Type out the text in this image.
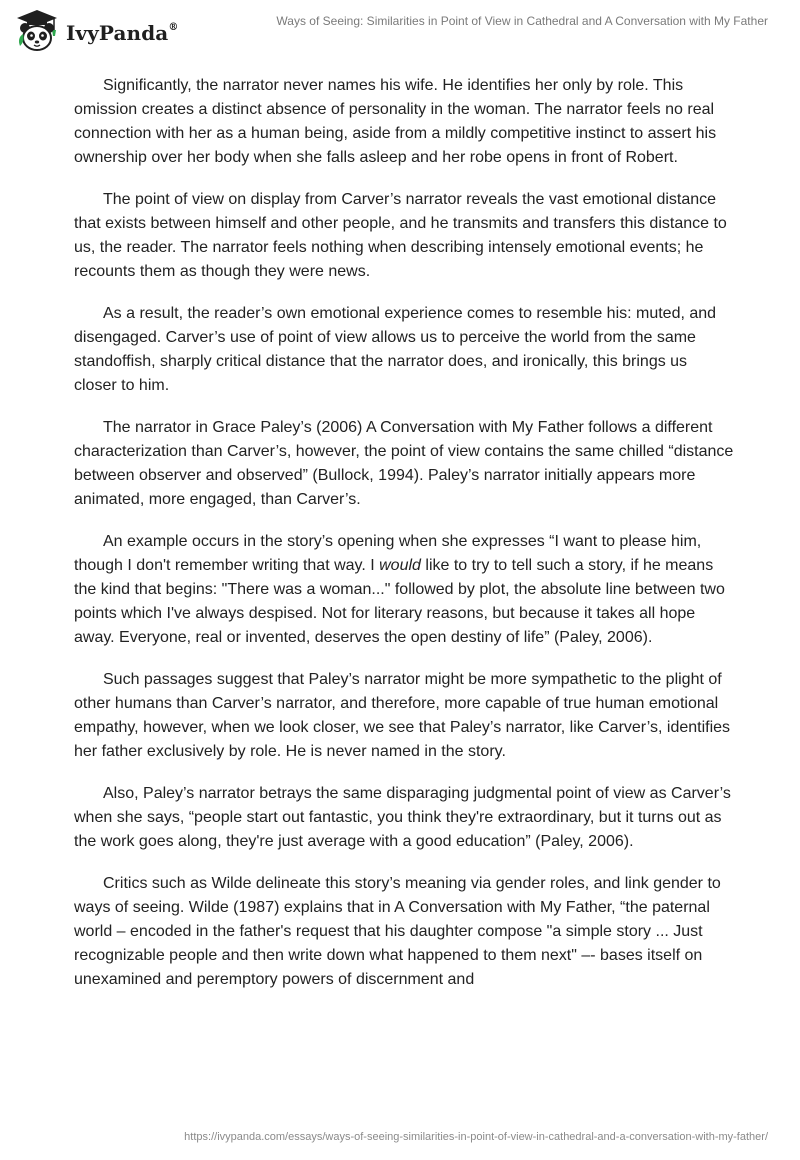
IvyPanda®	Ways of Seeing: Similarities in Point of View in Cathedral and A Conversation with My Father

Significantly, the narrator never names his wife. He identifies her only by role. This omission creates a distinct absence of personality in the woman. The narrator feels no real connection with her as a human being, aside from a mildly competitive instinct to assert his ownership over her body when she falls asleep and her robe opens in front of Robert.

The point of view on display from Carver’s narrator reveals the vast emotional distance that exists between himself and other people, and he transmits and transfers this distance to us, the reader. The narrator feels nothing when describing intensely emotional events; he recounts them as though they were news.

As a result, the reader’s own emotional experience comes to resemble his: muted, and disengaged. Carver’s use of point of view allows us to perceive the world from the same standoffish, sharply critical distance that the narrator does, and ironically, this brings us closer to him.

The narrator in Grace Paley’s (2006) A Conversation with My Father follows a different characterization than Carver’s, however, the point of view contains the same chilled “distance between observer and observed” (Bullock, 1994). Paley’s narrator initially appears more animated, more engaged, than Carver’s.

An example occurs in the story’s opening when she expresses “I want to please him, though I don't remember writing that way. I would like to try to tell such a story, if he means the kind that begins: "There was a woman..." followed by plot, the absolute line between two points which I've always despised. Not for literary reasons, but because it takes all hope away. Everyone, real or invented, deserves the open destiny of life” (Paley, 2006).

Such passages suggest that Paley’s narrator might be more sympathetic to the plight of other humans than Carver’s narrator, and therefore, more capable of true human emotional empathy, however, when we look closer, we see that Paley’s narrator, like Carver’s, identifies her father exclusively by role. He is never named in the story.

Also, Paley’s narrator betrays the same disparaging judgmental point of view as Carver’s when she says, “people start out fantastic, you think they're extraordinary, but it turns out as the work goes along, they're just average with a good education” (Paley, 2006).

Critics such as Wilde delineate this story’s meaning via gender roles, and link gender to ways of seeing. Wilde (1987) explains that in A Conversation with My Father, “the paternal world – encoded in the father's request that his daughter compose "a simple story ... Just recognizable people and then write down what happened to them next" –- bases itself on unexamined and peremptory powers of discernment and

https://ivypanda.com/essays/ways-of-seeing-similarities-in-point-of-view-in-cathedral-and-a-conversation-with-my-father/
